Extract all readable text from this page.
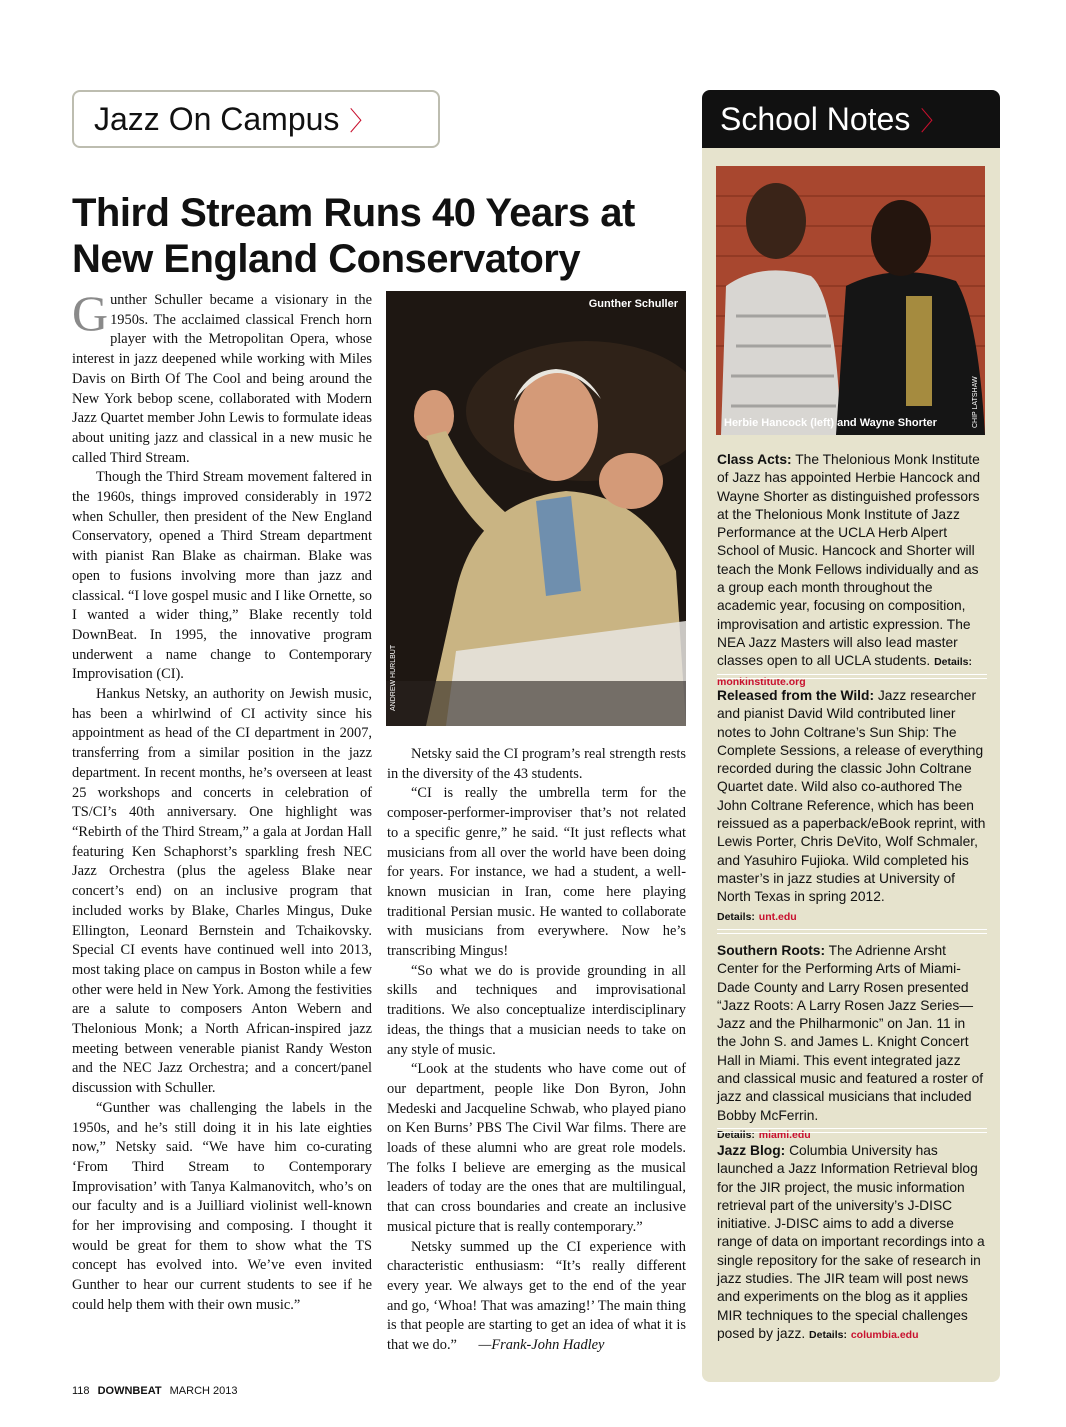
Jazz On Campus 〉	School Notes 〉
Third Stream Runs 40 Years at New England Conservatory

Gunther Schuller became a visionary in the 1950s. The acclaimed classical French horn player with the Metropolitan Opera, whose interest in jazz deepened while working with Miles Davis on Birth Of The Cool and being around the New York bebop scene, collaborated with Modern Jazz Quartet member John Lewis to formulate ideas about uniting jazz and classical in a new music he called Third Stream.

Though the Third Stream movement faltered in the 1960s, things improved considerably in 1972 when Schuller, then president of the New England Conservatory, opened a Third Stream department with pianist Ran Blake as chairman. Blake was open to fusions involving more than jazz and classical. “I love gospel music and I like Ornette, so I wanted a wider thing,” Blake recently told DownBeat. In 1995, the innovative program underwent a name change to Contemporary Improvisation (CI).

Hankus Netsky, an authority on Jewish music, has been a whirlwind of CI activity since his appointment as head of the CI department in 2007, transferring from a similar position in the jazz department. In recent months, he’s overseen at least 25 workshops and concerts in celebration of TS/CI’s 40th anniversary. One highlight was “Rebirth of the Third Stream,” a gala at Jordan Hall featuring Ken Schaphorst’s sparkling fresh NEC Jazz Orchestra (plus the ageless Blake near concert’s end) on an inclusive program that included works by Blake, Charles Mingus, Duke Ellington, Leonard Bernstein and Tchaikovsky. Special CI events have continued well into 2013, most taking place on campus in Boston while a few other were held in New York. Among the festivities are a salute to composers Anton Webern and Thelonious Monk; a North African-inspired jazz meeting between venerable pianist Randy Weston and the NEC Jazz Orchestra; and a concert/panel discussion with Schuller.

“Gunther was challenging the labels in the 1950s, and he’s still doing it in his late eighties now,” Netsky said. “We have him co-curating ‘From Third Stream to Contemporary Improvisation’ with Tanya Kalmanovitch, who’s on our faculty and is a Juilliard violinist well-known for her improvising and composing. I thought it would be great for them to show what the TS concept has evolved into. We’ve even invited Gunther to hear our current students to see if he could help them with their own music.”

Gunther Schuller
ANDREW HURLBUT

Netsky said the CI program’s real strength rests in the diversity of the 43 students.

“CI is really the umbrella term for the composer-performer-improviser that’s not related to a specific genre,” he said. “It just reflects what musicians from all over the world have been doing for years. For instance, we had a student, a well-known musician in Iran, come here playing traditional Persian music. He wanted to collaborate with musicians from everywhere. Now he’s transcribing Mingus!

“So what we do is provide grounding in all skills and techniques and improvisational traditions. We also conceptualize interdisciplinary ideas, the things that a musician needs to take on any style of music.

“Look at the students who have come out of our department, people like Don Byron, John Medeski and Jacqueline Schwab, who played piano on Ken Burns’ PBS The Civil War films. There are loads of these alumni who are great role models. The folks I believe are emerging as the musical leaders of today are the ones that are multilingual, that can cross boundaries and create an inclusive musical picture that is really contemporary.”

Netsky summed up the CI experience with characteristic enthusiasm: “It’s really different every year. We always get to the end of the year and go, ‘Whoa! That was amazing!’ The main thing is that people are starting to get an idea of what it is that we do.” —Frank-John Hadley

Herbie Hancock (left) and Wayne Shorter	CHIP LATSHAW
Class Acts: The Thelonious Monk Institute of Jazz has appointed Herbie Hancock and Wayne Shorter as distinguished professors at the Thelonious Monk Institute of Jazz Performance at the UCLA Herb Alpert School of Music. Hancock and Shorter will teach the Monk Fellows individually and as a group each month throughout the academic year, focusing on composition, improvisation and artistic expression. The NEA Jazz Masters will also lead master classes open to all UCLA students. Details: monkinstitute.org
Released from the Wild: Jazz researcher and pianist David Wild contributed liner notes to John Coltrane’s Sun Ship: The Complete Sessions, a release of everything recorded during the classic John Coltrane Quartet date. Wild also co-authored The John Coltrane Reference, which has been reissued as a paperback/eBook reprint, with Lewis Porter, Chris DeVito, Wolf Schmaler, and Yasuhiro Fujioka. Wild completed his master’s in jazz studies at University of North Texas in spring 2012.
Details: unt.edu
Southern Roots: The Adrienne Arsht Center for the Performing Arts of Miami-Dade County and Larry Rosen presented “Jazz Roots: A Larry Rosen Jazz Series—Jazz and the Philharmonic” on Jan. 11 in the John S. and James L. Knight Concert Hall in Miami. This event integrated jazz and classical music and featured a roster of jazz and classical musicians that included Bobby McFerrin.
Details: miami.edu
Jazz Blog: Columbia University has launched a Jazz Information Retrieval blog for the JIR project, the music information retrieval part of the university’s J-DISC initiative. J-DISC aims to add a diverse range of data on important recordings into a single repository for the sake of research in jazz studies. The JIR team will post news and experiments on the blog as it applies MIR techniques to the special challenges posed by jazz. Details: columbia.edu
118 DOWNBEAT MARCH 2013
